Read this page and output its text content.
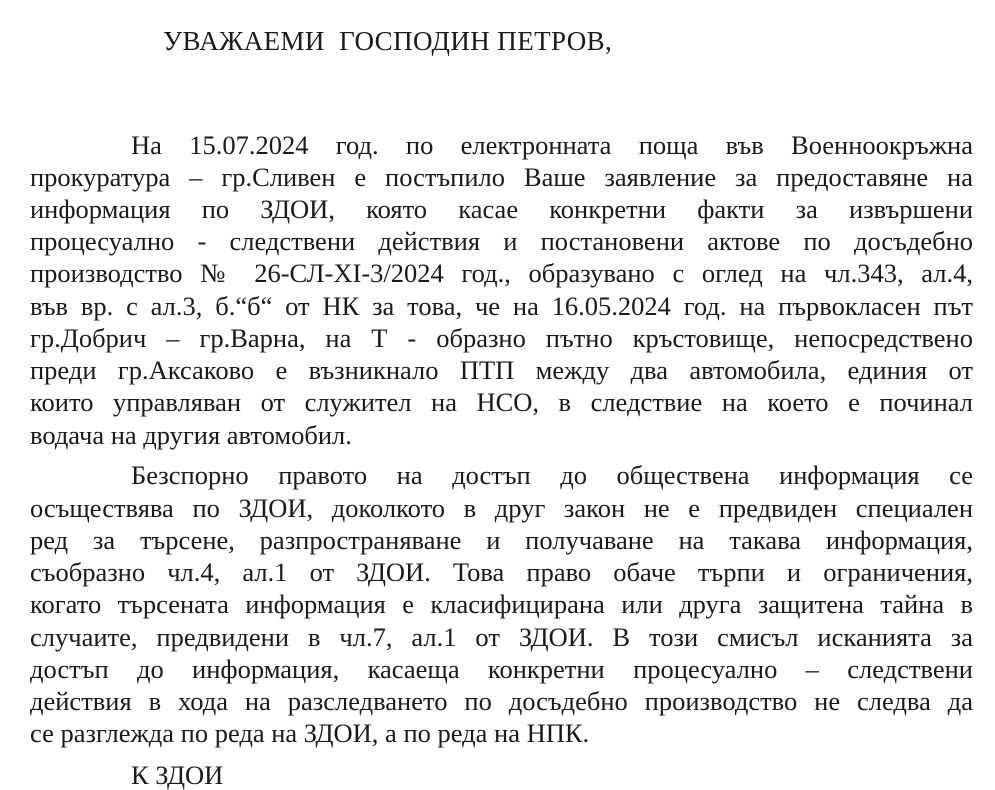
УВАЖАЕМИ  ГОСПОДИН ПЕТРОВ,
На 15.07.2024 год. по електронната поща във Военноокръжна
прокуратура – гр.Сливен е постъпило Ваше заявление за предоставяне на
информация по ЗДОИ, която касае конкретни факти за извършени
процесуално - следствени действия и постановени актове по досъдебно
производство № 26-СЛ-ХI-3/2024 год., образувано с оглед на чл.343, ал.4,
във вр. с ал.3, б.“б“ от НК за това, че на 16.05.2024 год. на първокласен път
гр.Добрич – гр.Варна, на Т - образно пътно кръстовище, непосредствено
преди гр.Аксаково е възникнало ПТП между два автомобила, единия от
които управляван от служител на НСО, в следствие на което е починал
водача на другия автомобил.
Безспорно правото на достъп до обществена информация се
осъществява по ЗДОИ, доколкото в друг закон не е предвиден специален
ред за търсене, разпространяване и получаване на такава информация,
съобразно чл.4, ал.1 от ЗДОИ. Това право обаче търпи и ограничения,
когато търсената информация е класифицирана или друга защитена тайна в
случаите, предвидени в чл.7, ал.1 от ЗДОИ. В този смисъл исканията за
достъп до информация, касаеща конкретни процесуално – следствени
действия в хода на разследването по досъдебно производство не следва да
се разглежда по реда на ЗДОИ, а по реда на НПК.
К ЗДОИ
